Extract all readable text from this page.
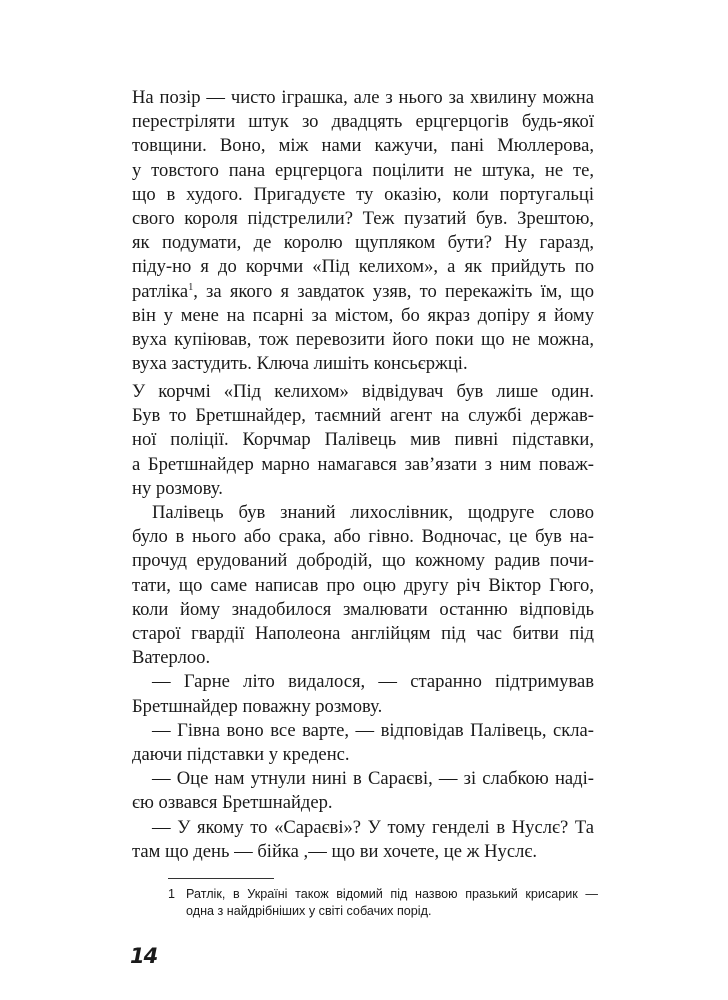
На позір — чисто іграшка, але з нього за хвилину можна
перестріляти штук зо двадцять ерцгерцогів будь-якої
товщини. Воно, між нами кажучи, пані Мюллерова,
у товстого пана ерцгерцога поцілити не штука, не те,
що в худого. Пригадуєте ту оказію, коли португальці
свого короля підстрелили? Теж пузатий був. Зрештою,
як подумати, де королю щупляком бути? Ну гаразд,
піду-но я до корчми «Під келихом», а як прийдуть по
ратліка$^1$, за якого я завдаток узяв, то перекажіть їм, що
він у мене на псарні за містом, бо якраз допіру я йому
вуха купіював, тож перевозити його поки що не можна,
вуха застудить. Ключа лишіть консьєржці.

У корчмі «Під келихом» відвідувач був лише один.
Був то Бретшнайдер, таємний агент на службі держав-
ної поліції. Корчмар Палівець мив пивні підставки,
а Бретшнайдер марно намагався зав’язати з ним поваж-
ну розмову.

Палівець був знаний лихослівник, щодруге слово
було в нього або срака, або гівно. Водночас, це був на-
прочуд ерудований добродій, що кожному радив почи-
тати, що саме написав про оцю другу річ Віктор Гюго,
коли йому знадобилося змалювати останню відповідь
старої гвардії Наполеона англійцям під час битви під
Ватерлоо.

— Гарне літо видалося, — старанно підтримував
Бретшнайдер поважну розмову.

— Гівна воно все варте, — відповідав Палівець, скла-
даючи підставки у креденс.

— Оце нам утнули нині в Сараєві, — зі слабкою наді-
єю озвався Бретшнайдер.

— У якому то «Сараєві»? У тому генделі в Нуслє? Та
там що день — бійка ,— що ви хочете, це ж Нуслє.

1 Ратлік, в Україні також відомий під назвою празький крисарик —
одна з найдрібніших у світі собачих порід.
14
